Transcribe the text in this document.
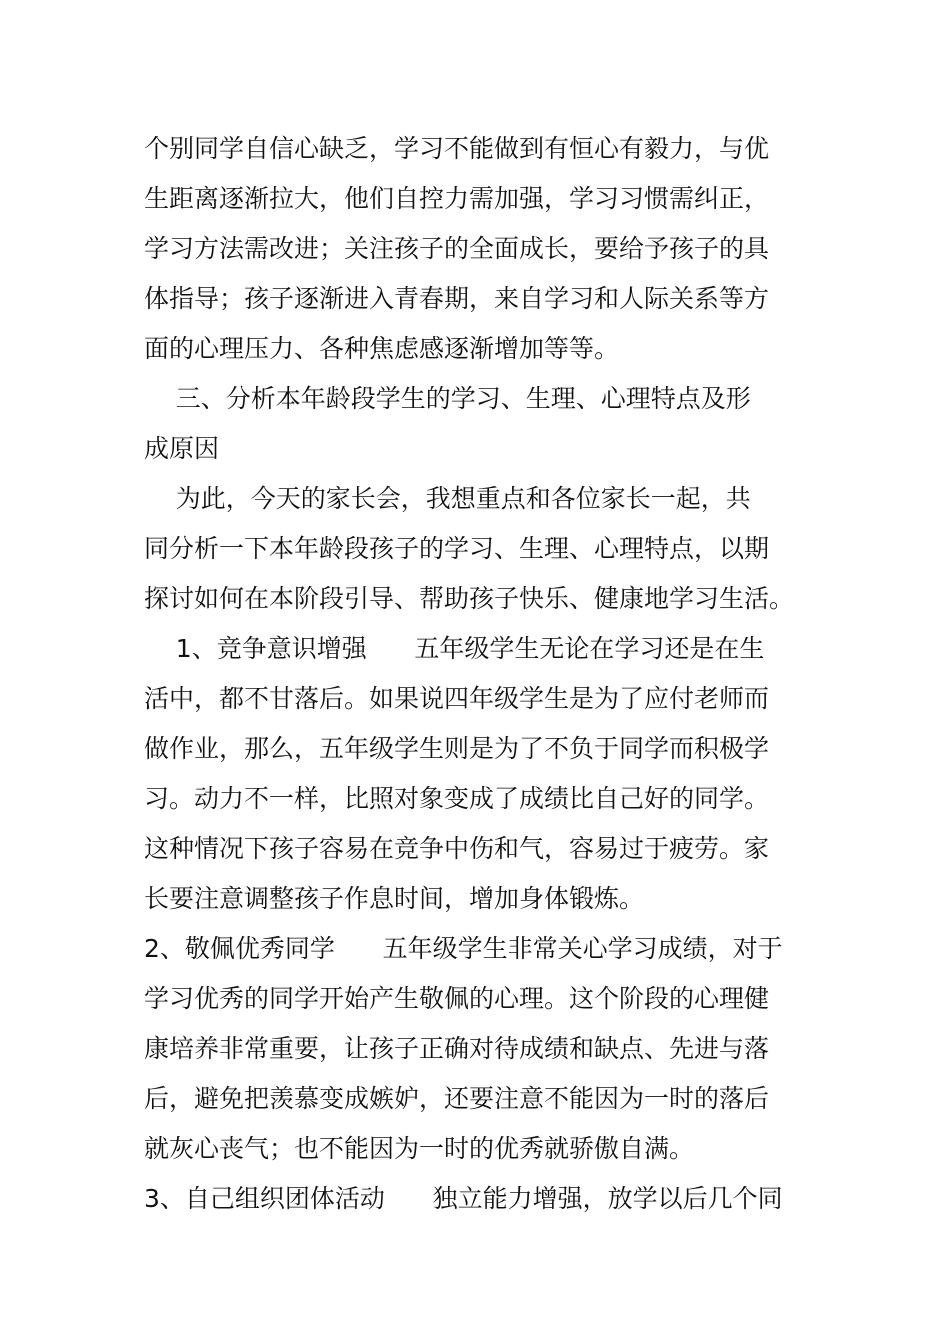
个别同学自信心缺乏，学习不能做到有恒心有毅力，与优
生距离逐渐拉大，他们自控力需加强，学习习惯需纠正，
学习方法需改进；关注孩子的全面成长，要给予孩子的具
体指导；孩子逐渐进入青春期，来自学习和人际关系等方
面的心理压力、各种焦虑感逐渐增加等等。
三、分析本年龄段学生的学习、生理、心理特点及形
成原因
为此，今天的家长会，我想重点和各位家长一起，共
同分析一下本年龄段孩子的学习、生理、心理特点，以期
探讨如何在本阶段引导、帮助孩子快乐、健康地学习生活。
1、竞争意识增强      五年级学生无论在学习还是在生
活中，都不甘落后。如果说四年级学生是为了应付老师而
做作业，那么，五年级学生则是为了不负于同学而积极学
习。动力不一样，比照对象变成了成绩比自己好的同学。
这种情况下孩子容易在竞争中伤和气，容易过于疲劳。家
长要注意调整孩子作息时间，增加身体锻炼。
2、敬佩优秀同学      五年级学生非常关心学习成绩，对于
学习优秀的同学开始产生敬佩的心理。这个阶段的心理健
康培养非常重要，让孩子正确对待成绩和缺点、先进与落
后，避免把羡慕变成嫉妒，还要注意不能因为一时的落后
就灰心丧气；也不能因为一时的优秀就骄傲自满。
3、自己组织团体活动      独立能力增强，放学以后几个同
